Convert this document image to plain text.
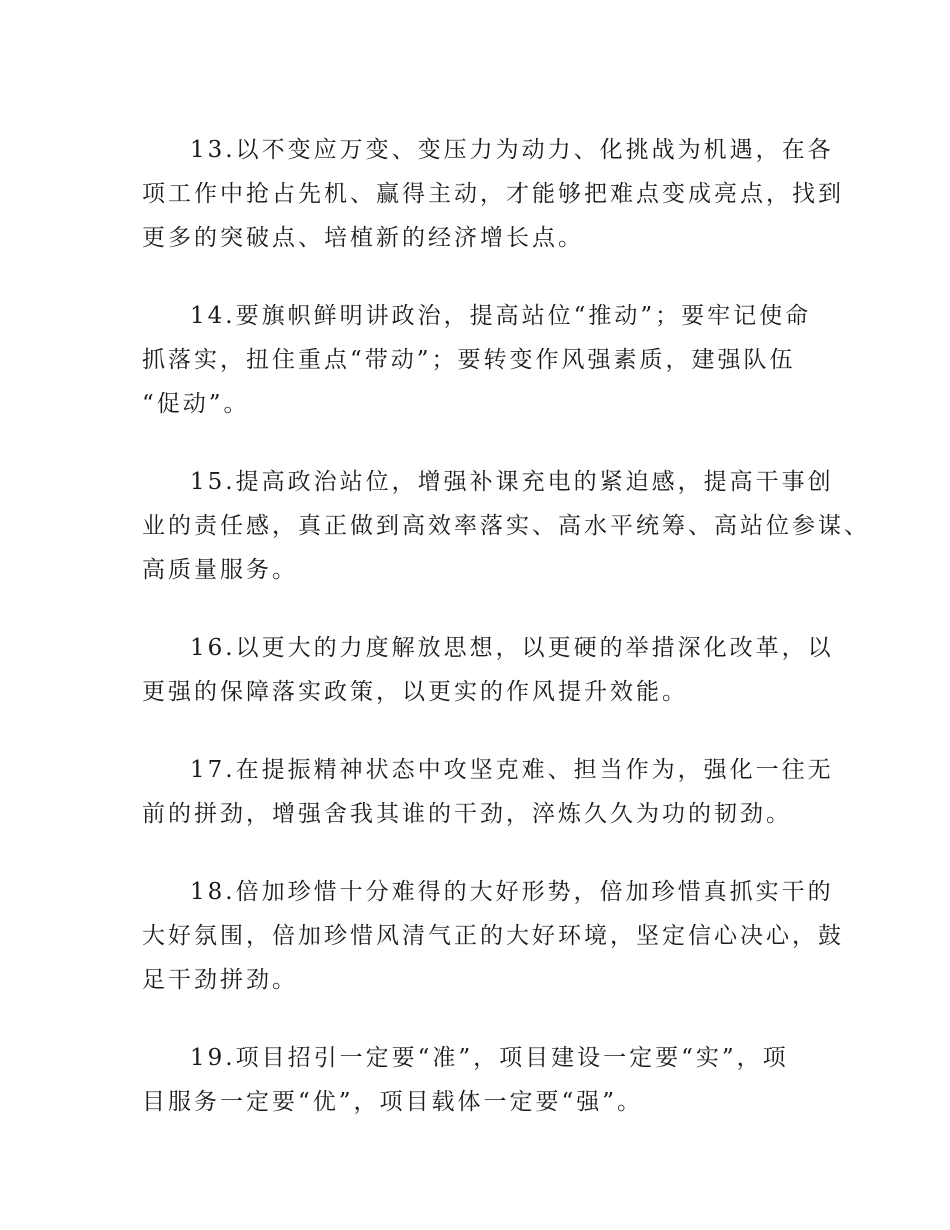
13.以不变应万变、变压力为动力、化挑战为机遇，在各
项工作中抢占先机、赢得主动，才能够把难点变成亮点，找到
更多的突破点、培植新的经济增长点。

14.要旗帜鲜明讲政治，提高站位“推动”；要牢记使命
抓落实，扭住重点“带动”；要转变作风强素质，建强队伍
“促动”。

15.提高政治站位，增强补课充电的紧迫感，提高干事创
业的责任感，真正做到高效率落实、高水平统筹、高站位参谋、
高质量服务。

16.以更大的力度解放思想，以更硬的举措深化改革，以
更强的保障落实政策，以更实的作风提升效能。

17.在提振精神状态中攻坚克难、担当作为，强化一往无
前的拼劲，增强舍我其谁的干劲，淬炼久久为功的韧劲。

18.倍加珍惜十分难得的大好形势，倍加珍惜真抓实干的
大好氛围，倍加珍惜风清气正的大好环境，坚定信心决心，鼓
足干劲拼劲。

19.项目招引一定要“准”，项目建设一定要“实”，项
目服务一定要“优”，项目载体一定要“强”。
